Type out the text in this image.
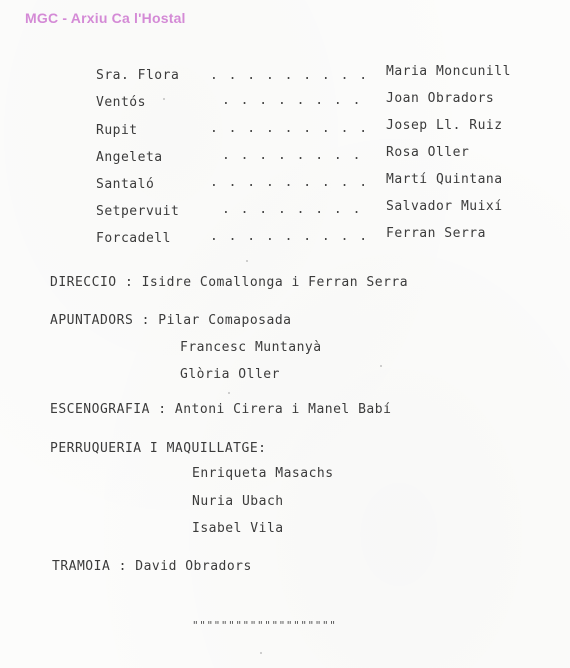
MGC - Arxiu Ca l'Hostal
Sra. Flora	. . . . . . . . . Maria Moncunill
Ventós	. . . . . . . . Joan Obradors
Rupit	. . . . . . . . . Josep Ll. Ruiz
Angeleta	. . . . . . . . Rosa Oller
Santaló	. . . . . . . . . Martí Quintana
Setpervuit	. . . . . . . . Salvador Muixí
Forcadell	. . . . . . . . . Ferran Serra
DIRECCIO : Isidre Comallonga i Ferran Serra
APUNTADORS : Pilar Comaposada
Francesc Muntanyà
Glòria Oller
ESCENOGRAFIA : Antoni Cirera i Manel Babí
PERRUQUERIA I MAQUILLATGE:
Enriqueta Masachs
Nuria Ubach
Isabel Vila
TRAMOIA : David Obradors
""""""""""""""""""""
